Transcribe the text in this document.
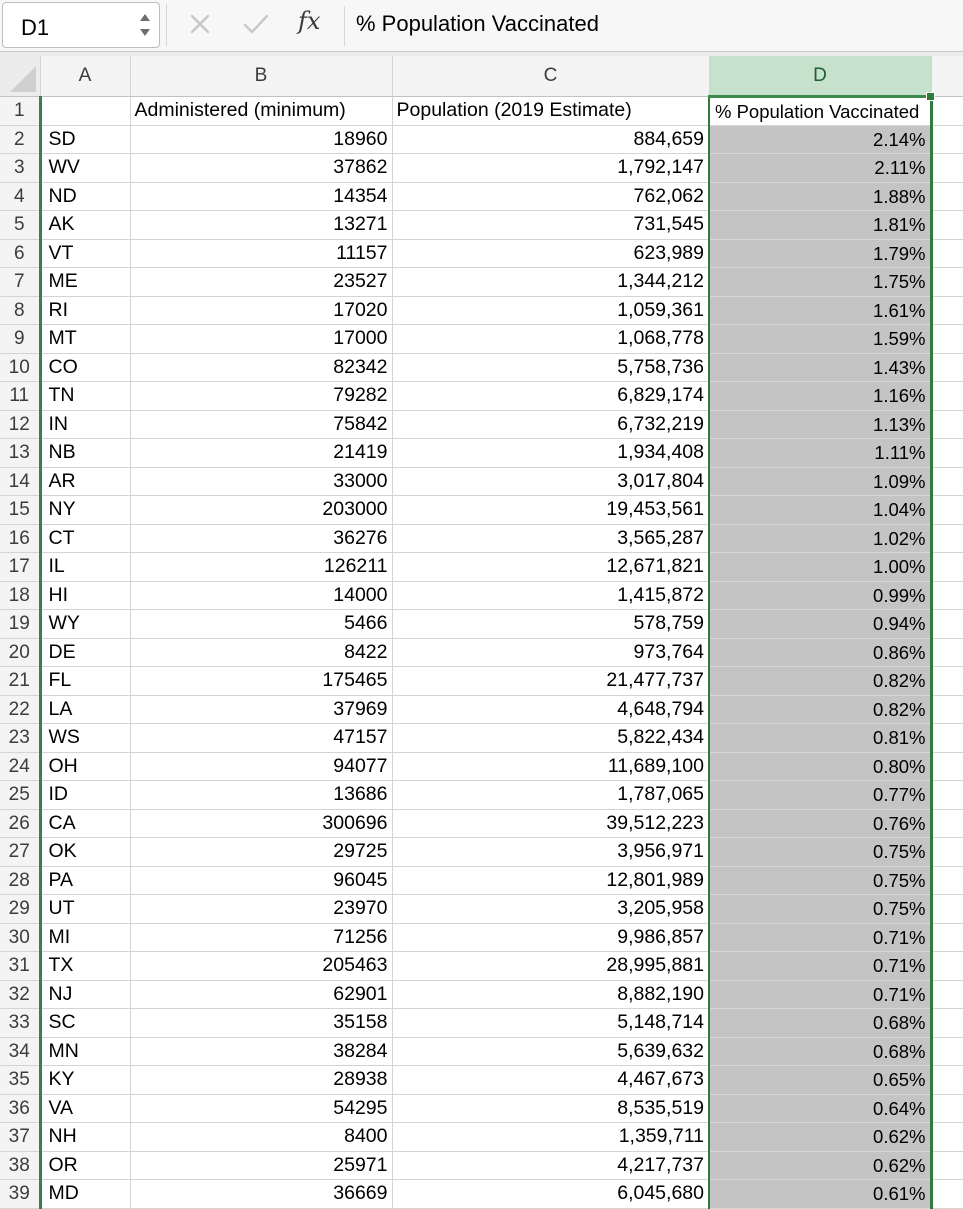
D1	fx % Population Vaccinated
	A	B	C	D	
1		Administered (minimum)	Population (2019 Estimate)	% Population Vaccinated

2	SD	18960	884,659	2.14%	
3	WV	37862	1,792,147	2.11%	
4	ND	14354	762,062	1.88%	
5	AK	13271	731,545	1.81%	
6	VT	11157	623,989	1.79%	
7	ME	23527	1,344,212	1.75%	
8	RI	17020	1,059,361	1.61%	
9	MT	17000	1,068,778	1.59%	
10	CO	82342	5,758,736	1.43%	
11	TN	79282	6,829,174	1.16%	
12	IN	75842	6,732,219	1.13%	
13	NB	21419	1,934,408	1.11%	
14	AR	33000	3,017,804	1.09%	
15	NY	203000	19,453,561	1.04%	
16	CT	36276	3,565,287	1.02%	
17	IL	126211	12,671,821	1.00%	
18	HI	14000	1,415,872	0.99%	
19	WY	5466	578,759	0.94%	
20	DE	8422	973,764	0.86%	
21	FL	175465	21,477,737	0.82%	
22	LA	37969	4,648,794	0.82%	
23	WS	47157	5,822,434	0.81%	
24	OH	94077	11,689,100	0.80%	
25	ID	13686	1,787,065	0.77%	
26	CA	300696	39,512,223	0.76%	
27	OK	29725	3,956,971	0.75%	
28	PA	96045	12,801,989	0.75%	
29	UT	23970	3,205,958	0.75%	
30	MI	71256	9,986,857	0.71%	
31	TX	205463	28,995,881	0.71%	
32	NJ	62901	8,882,190	0.71%	
33	SC	35158	5,148,714	0.68%	
34	MN	38284	5,639,632	0.68%	
35	KY	28938	4,467,673	0.65%	
36	VA	54295	8,535,519	0.64%	
37	NH	8400	1,359,711	0.62%	
38	OR	25971	4,217,737	0.62%	
39	MD	36669	6,045,680	0.61%	
